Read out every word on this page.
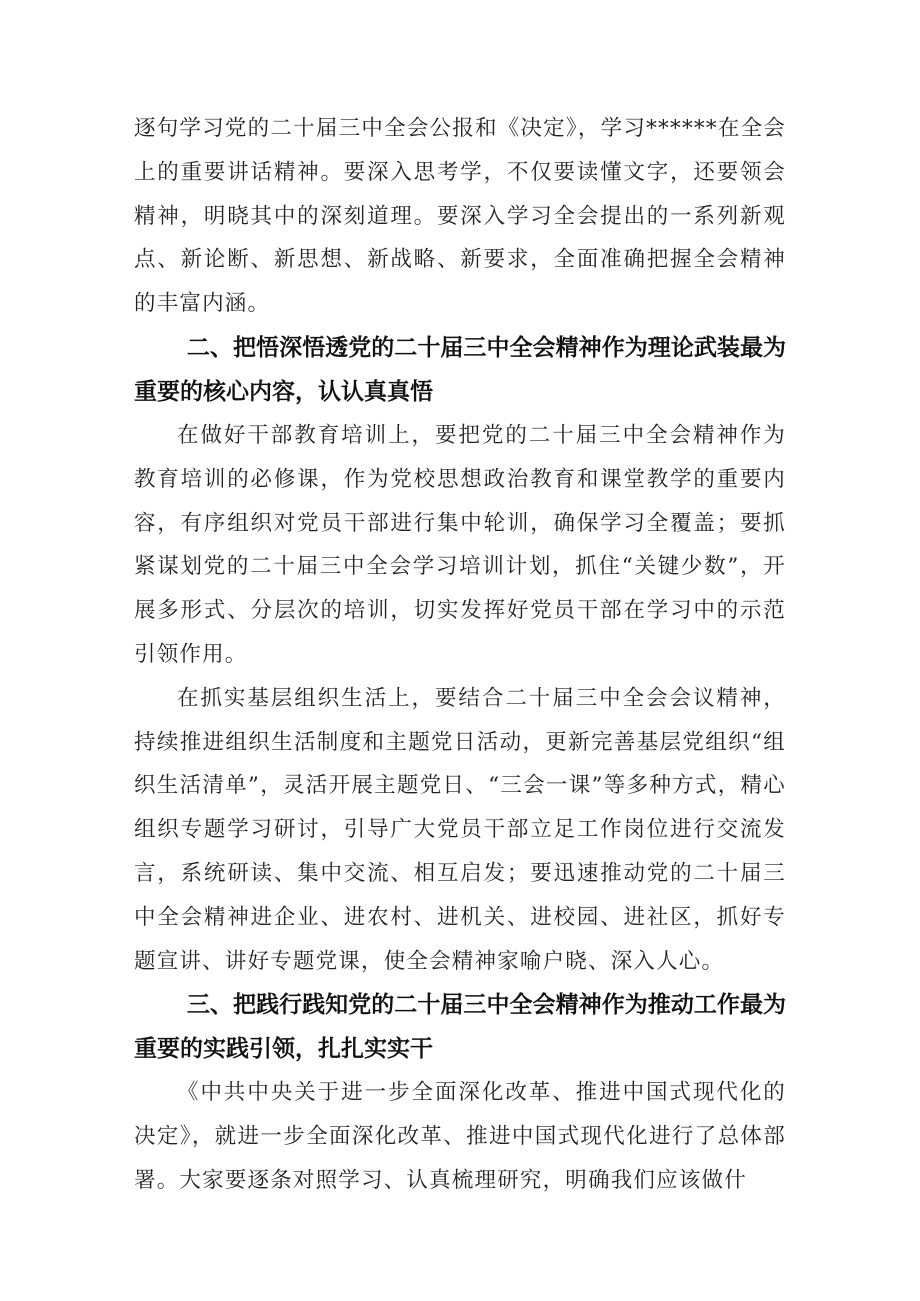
逐句学习党的二十届三中全会公报和《决定》，学习******在全会上的重要讲话精神。要深入思考学，不仅要读懂文字，还要领会精神，明晓其中的深刻道理。要深入学习全会提出的一系列新观点、新论断、新思想、新战略、新要求，全面准确把握全会精神的丰富内涵。

二、把悟深悟透党的二十届三中全会精神作为理论武装最为重要的核心内容，认认真真悟

在做好干部教育培训上，要把党的二十届三中全会精神作为教育培训的必修课，作为党校思想政治教育和课堂教学的重要内容，有序组织对党员干部进行集中轮训，确保学习全覆盖；要抓紧谋划党的二十届三中全会学习培训计划，抓住“关键少数”，开展多形式、分层次的培训，切实发挥好党员干部在学习中的示范引领作用。

在抓实基层组织生活上，要结合二十届三中全会会议精神，持续推进组织生活制度和主题党日活动，更新完善基层党组织“组织生活清单”，灵活开展主题党日、“三会一课”等多种方式，精心组织专题学习研讨，引导广大党员干部立足工作岗位进行交流发言，系统研读、集中交流、相互启发；要迅速推动党的二十届三中全会精神进企业、进农村、进机关、进校园、进社区，抓好专题宣讲、讲好专题党课，使全会精神家喻户晓、深入人心。

三、把践行践知党的二十届三中全会精神作为推动工作最为重要的实践引领，扎扎实实干

《中共中央关于进一步全面深化改革、推进中国式现代化的决定》，就进一步全面深化改革、推进中国式现代化进行了总体部署。大家要逐条对照学习、认真梳理研究，明确我们应该做什
